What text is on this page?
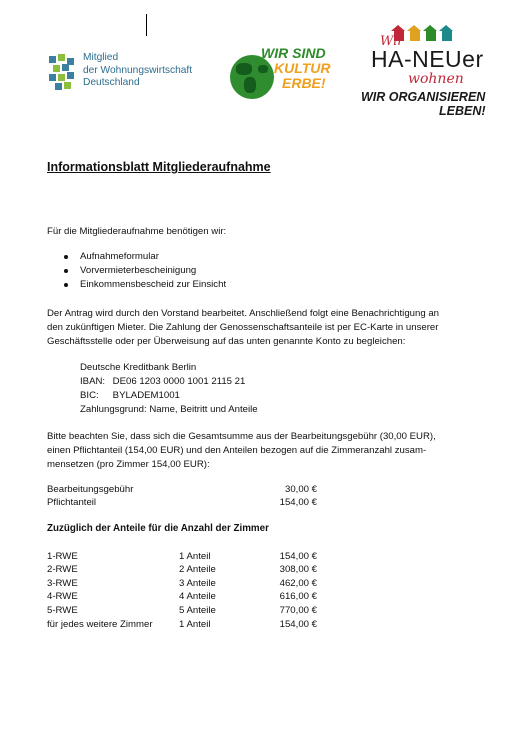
Mitglied
der Wohnungswirtschaft
Deutschland
WIR SIND
KULTUR
ERBE!
Wir
HA-NEUer
wohnen
WIR ORGANISIEREN
LEBEN!
Informationsblatt Mitgliederaufnahme
Für die Mitgliederaufnahme benötigen wir:
Aufnahmeformular
Vorvermieterbescheinigung
Einkommensbescheid zur Einsicht
Der Antrag wird durch den Vorstand bearbeitet. Anschließend folgt eine Benachrichtigung an
den zukünftigen Mieter. Die Zahlung der Genossenschaftsanteile ist per EC-Karte in unserer
Geschäftsstelle oder per Überweisung auf das unten genannte Konto zu begleichen:
Deutsche Kreditbank Berlin
IBAN: DE06 1203 0000 1001 2115 21
BIC: BYLADEM1001
Zahlungsgrund: Name, Beitritt und Anteile
Bitte beachten Sie, dass sich die Gesamtsumme aus der Bearbeitungsgebühr (30,00 EUR),
einen Pflichtanteil (154,00 EUR) und den Anteilen bezogen auf die Zimmeranzahl zusam-
mensetzen (pro Zimmer 154,00 EUR):
Bearbeitungsgebühr	30,00 €
Pflichtanteil	154,00 €
Zuzüglich der Anteile für die Anzahl der Zimmer
1-RWE	1 Anteil	154,00 €
2-RWE	2 Anteile	308,00 €
3-RWE	3 Anteile	462,00 €
4-RWE	4 Anteile	616,00 €
5-RWE	5 Anteile	770,00 €
für jedes weitere Zimmer	1 Anteil	154,00 €
